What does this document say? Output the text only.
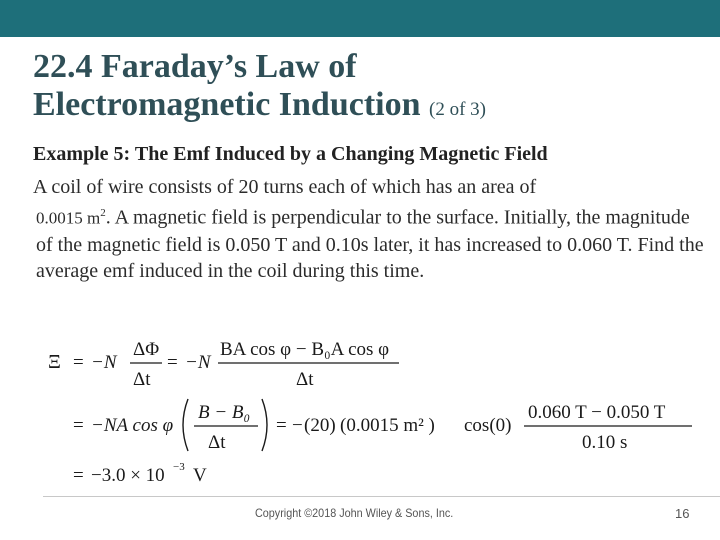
22.4 Faraday’s Law of
Electromagnetic Induction (2 of 3)
Example 5: The Emf Induced by a Changing Magnetic Field
A coil of wire consists of 20 turns each of which has an area of
0.0015 $m^2$. A magnetic field is perpendicular to the surface. Initially, the magnitude of the magnetic field is 0.050 T and 0.10s later, it has increased to 0.060 T. Find the average emf induced in the coil during this time.
Ξ = −N
ΔΦ
Δt
= −N
BA cos φ − B₀A cos φ
Δt
= −NA cos φ
B − B₀
Δt
= − (20) (0.0015 m² ) cos(0)
0.060 T − 0.050 T
0.10 s
= −3.0 × 10 −3 V
Copyright ©2018 John Wiley & Sons, Inc.	16
